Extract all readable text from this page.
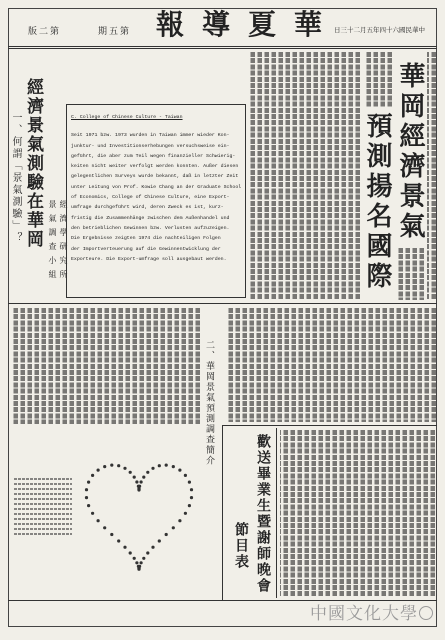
版二第	期五第 報導夏華
日三十二月五年四十六國民華中
經濟景氣測驗在華岡
一、何謂「景氣測驗」？	經濟學研究所
景氣調查小組
C. College of Chinese Culture - Taiwan
Seit 1971 bzw. 1973 wurden in Taiwan immer wieder Kon-
junktur- und Investitionserhebungen versuchsweise ein-
geführt, die aber zum Teil wegen finanzieller Schwierig-
keiten nicht weiter verfolgt werden konnten. Außer diesen
gelegentlichen Surveys wurde bekannt, daß in letzter Zeit
unter Leitung von Prof. Kowie Chang an der Graduate School
of Economics, College of Chinese Culture, eine Export-
umfrage durchgeführt wird, deren Zweck es ist, kurz-
fristig die Zusammenhänge zwischen dem Außenhandel und
den betrieblichen Gewinnen bzw. Verlusten aufzuzeigen.
Die Ergebnisse zeigten 1974 die nachteiligen Folgen
der Importverteuerung auf die Gewinnentwicklung der
Exporteure. Die Export-umfrage soll ausgebaut werden.
華岡經濟景氣
預測揚名國際
二、華岡景氣預測調查簡介
歡送畢業生暨謝師晚會
節目表
中國文化大學
